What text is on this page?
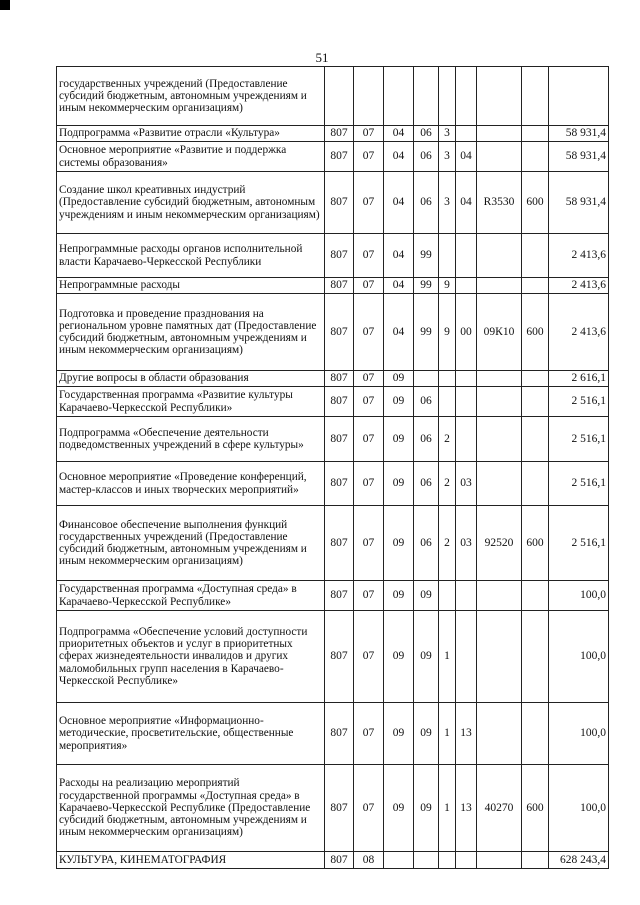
51
государственных учреждений (Предоставление субсидий бюджетным, автономным учреждениям и иным некоммерческим организациям)									
Подпрограмма «Развитие отрасли «Культура»	807	07	04	06	3				58 931,4
Основное мероприятие «Развитие и поддержка системы образования»	807	07	04	06	3	04			58 931,4
Создание школ креативных индустрий (Предоставление субсидий бюджетным, автономным учреждениям и иным некоммерческим организациям)	807	07	04	06	3	04	R3530	600	58 931,4
Непрограммные расходы органов исполнительной власти Карачаево-Черкесской Республики	807	07	04	99					2 413,6
Непрограммные расходы	807	07	04	99	9				2 413,6
Подготовка и проведение празднования на региональном уровне памятных дат (Предоставление субсидий бюджетным, автономным учреждениям и иным некоммерческим организациям)	807	07	04	99	9	00	09К10	600	2 413,6
Другие вопросы в области образования	807	07	09						2 616,1
Государственная программа «Развитие культуры Карачаево-Черкесской Республики»	807	07	09	06					2 516,1
Подпрограмма «Обеспечение деятельности подведомственных учреждений в сфере культуры»	807	07	09	06	2				2 516,1
Основное мероприятие «Проведение конференций, мастер-классов и иных творческих мероприятий»	807	07	09	06	2	03			2 516,1
Финансовое обеспечение выполнения функций государственных учреждений (Предоставление субсидий бюджетным, автономным учреждениям и иным некоммерческим организациям)	807	07	09	06	2	03	92520	600	2 516,1
Государственная программа «Доступная среда» в Карачаево-Черкесской Республике»	807	07	09	09					100,0
Подпрограмма «Обеспечение условий доступности приоритетных объектов и услуг в приоритетных сферах жизнедеятельности инвалидов и других маломобильных групп населения в Карачаево-Черкесской Республике»	807	07	09	09	1				100,0
Основное мероприятие «Информационно-методические, просветительские, общественные мероприятия»	807	07	09	09	1	13			100,0
Расходы на реализацию мероприятий государственной программы «Доступная среда» в Карачаево-Черкесской Республике (Предоставление субсидий бюджетным, автономным учреждениям и иным некоммерческим организациям)	807	07	09	09	1	13	40270	600	100,0
КУЛЬТУРА, КИНЕМАТОГРАФИЯ	807	08							628 243,4
